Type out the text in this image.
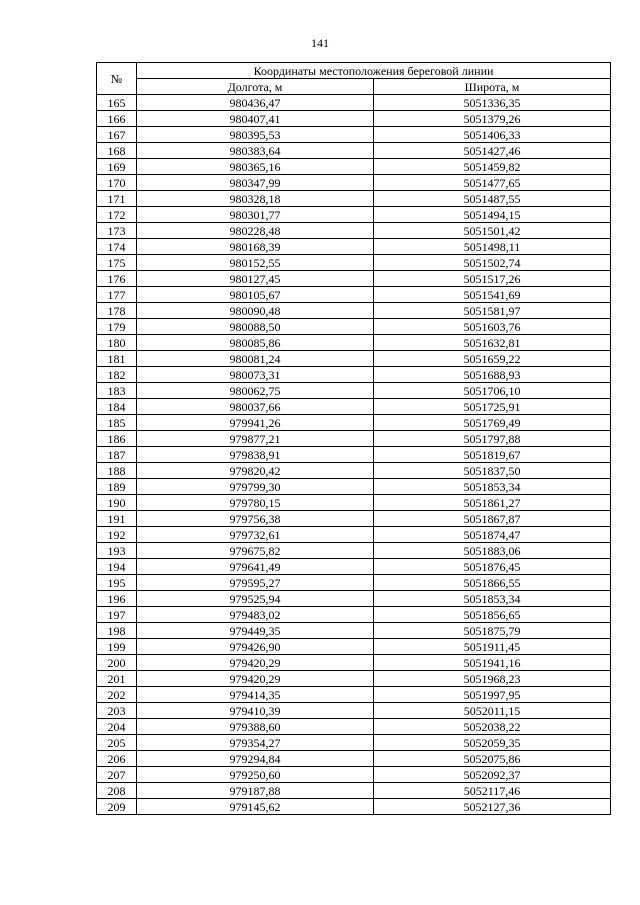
141
№	Координаты местоположения береговой линии	
	Долгота, м	Широта, м
165	980436,47	5051336,35
166	980407,41	5051379,26
167	980395,53	5051406,33
168	980383,64	5051427,46
169	980365,16	5051459,82
170	980347,99	5051477,65
171	980328,18	5051487,55
172	980301,77	5051494,15
173	980228,48	5051501,42
174	980168,39	5051498,11
175	980152,55	5051502,74
176	980127,45	5051517,26
177	980105,67	5051541,69
178	980090,48	5051581,97
179	980088,50	5051603,76
180	980085,86	5051632,81
181	980081,24	5051659,22
182	980073,31	5051688,93
183	980062,75	5051706,10
184	980037,66	5051725,91
185	979941,26	5051769,49
186	979877,21	5051797,88
187	979838,91	5051819,67
188	979820,42	5051837,50
189	979799,30	5051853,34
190	979780,15	5051861,27
191	979756,38	5051867,87
192	979732,61	5051874,47
193	979675,82	5051883,06
194	979641,49	5051876,45
195	979595,27	5051866,55
196	979525,94	5051853,34
197	979483,02	5051856,65
198	979449,35	5051875,79
199	979426,90	5051911,45
200	979420,29	5051941,16
201	979420,29	5051968,23
202	979414,35	5051997,95
203	979410,39	5052011,15
204	979388,60	5052038,22
205	979354,27	5052059,35
206	979294,84	5052075,86
207	979250,60	5052092,37
208	979187,88	5052117,46
209	979145,62	5052127,36
